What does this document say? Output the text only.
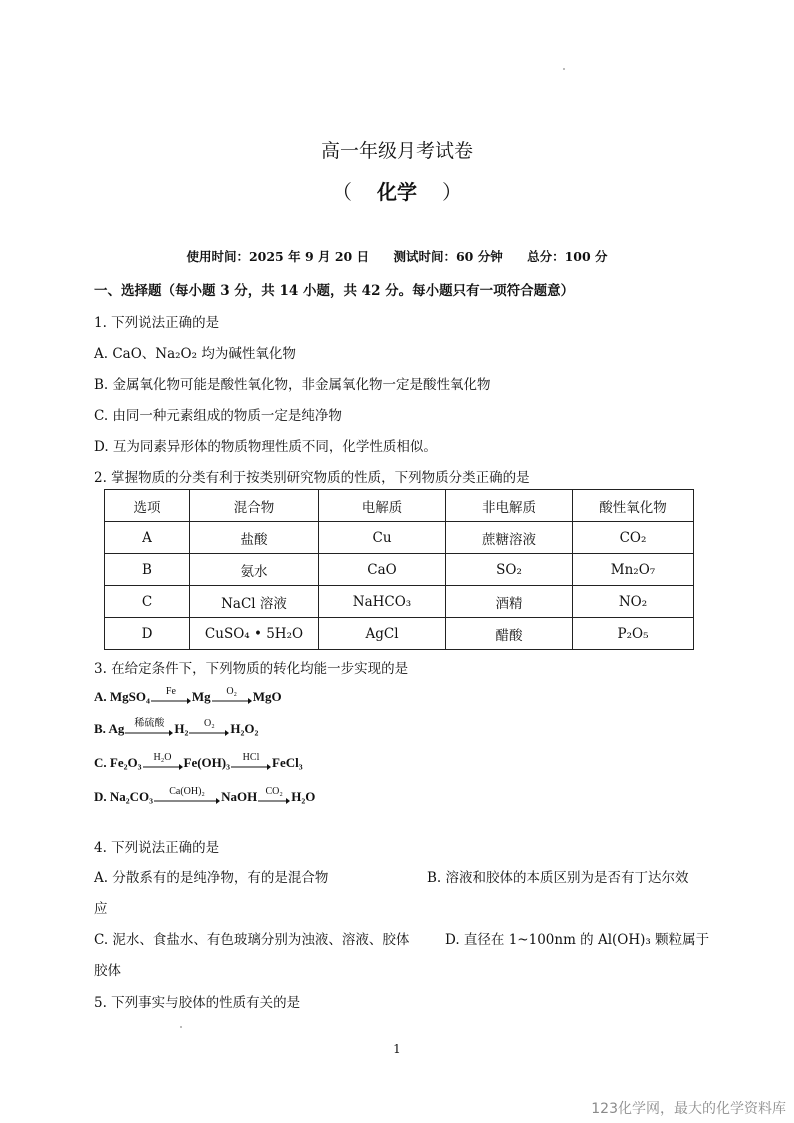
高一年级月考试卷
（ 化学 ）
使用时间：2025 年 9 月 20 日 测试时间：60 分钟 总分：100 分
一、选择题（每小题 3 分，共 14 小题，共 42 分。每小题只有一项符合题意）
1. 下列说法正确的是
A. CaO、Na₂O₂ 均为碱性氧化物
B. 金属氧化物可能是酸性氧化物，非金属氧化物一定是酸性氧化物
C. 由同一种元素组成的物质一定是纯净物
D. 互为同素异形体的物质物理性质不同，化学性质相似。
2. 掌握物质的分类有利于按类别研究物质的性质，下列物质分类正确的是
选项	混合物	电解质	非电解质	酸性氧化物
A	盐酸	Cu	蔗糖溶液	CO₂
B	氨水	CaO	SO₂	Mn₂O₇
C	NaCl 溶液	NaHCO₃	酒精	NO₂
D	CuSO₄ • 5H₂O	AgCl	醋酸	P₂O₅
3. 在给定条件下，下列物质的转化均能一步实现的是
A. MgSO₄ Fe Mg O₂ MgO
B. Ag 稀硫酸 H₂ O₂ H₂O₂
C. Fe₂O₃ H₂O Fe(OH)₃ HCl FeCl₃
D. Na₂CO₃ Ca(OH)₂ NaOH CO₂ H₂O
4. 下列说法正确的是
A. 分散系有的是纯净物，有的是混合物	B. 溶液和胶体的本质区别为是否有丁达尔效
应
C. 泥水、食盐水、有色玻璃分别为浊液、溶液、胶体	D. 直径在 1~100nm 的 Al(OH)₃ 颗粒属于
胶体
5. 下列事实与胶体的性质有关的是
1
123化学网，最大的化学资料库
